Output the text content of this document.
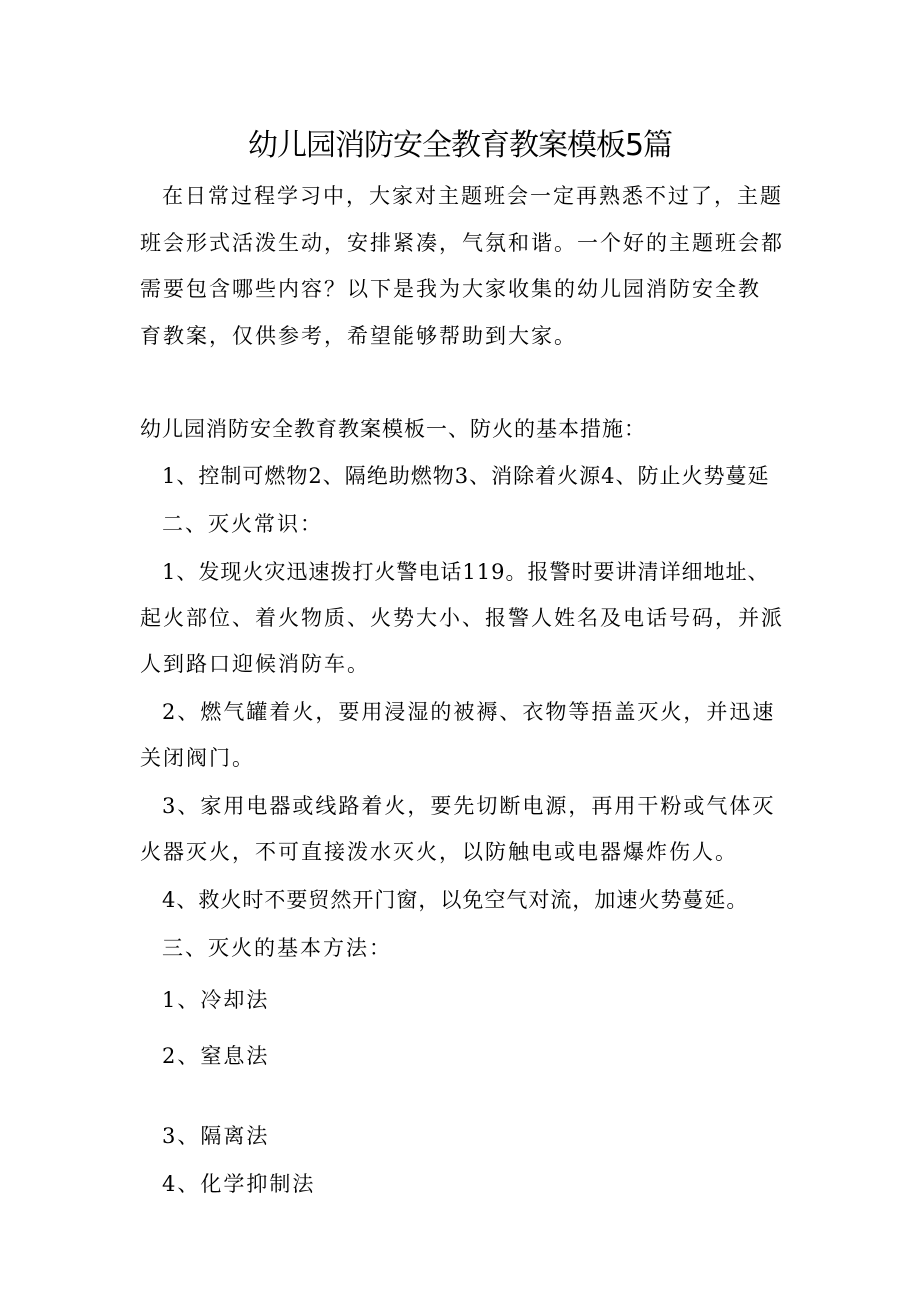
幼儿园消防安全教育教案模板5篇
在日常过程学习中，大家对主题班会一定再熟悉不过了，主题
班会形式活泼生动，安排紧凑，气氛和谐。一个好的主题班会都
需要包含哪些内容？以下是我为大家收集的幼儿园消防安全教
育教案，仅供参考，希望能够帮助到大家。
幼儿园消防安全教育教案模板一、防火的基本措施：
1、控制可燃物2、隔绝助燃物3、消除着火源4、防止火势蔓延
二、灭火常识：
1、发现火灾迅速拨打火警电话119。报警时要讲清详细地址、
起火部位、着火物质、火势大小、报警人姓名及电话号码，并派
人到路口迎候消防车。
2、燃气罐着火，要用浸湿的被褥、衣物等捂盖灭火，并迅速
关闭阀门。
3、家用电器或线路着火，要先切断电源，再用干粉或气体灭
火器灭火，不可直接泼水灭火，以防触电或电器爆炸伤人。
4、救火时不要贸然开门窗，以免空气对流，加速火势蔓延。
三、灭火的基本方法：
1、冷却法
2、窒息法
3、隔离法
4、化学抑制法
